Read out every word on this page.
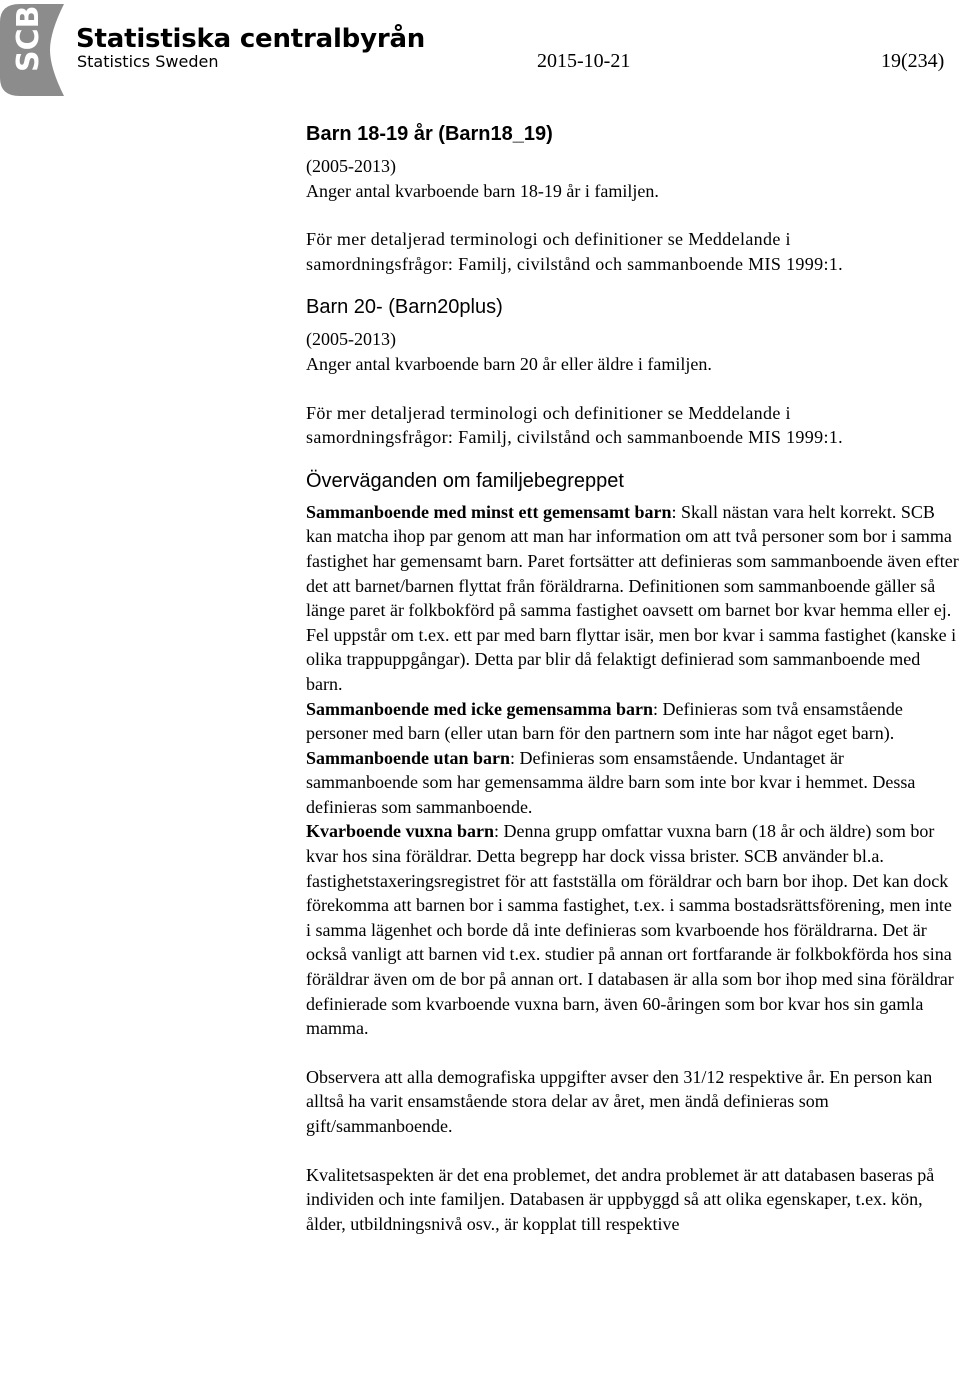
SCB Statistiska centralbyrån
Statistics Sweden	2015-10-21	19(234)
Barn 18-19 år (Barn18_19)

(2005-2013)

Anger antal kvarboende barn 18-19 år i familjen.

För mer detaljerad terminologi och definitioner se Meddelande i

samordningsfrågor: Familj, civilstånd och sammanboende MIS 1999:1.

Barn 20- (Barn20plus)

(2005-2013)

Anger antal kvarboende barn 20 år eller äldre i familjen.

För mer detaljerad terminologi och definitioner se Meddelande i

samordningsfrågor: Familj, civilstånd och sammanboende MIS 1999:1.

Överväganden om familjebegreppet

Sammanboende med minst ett gemensamt barn: Skall nästan vara helt korrekt. SCB kan matcha ihop par genom att man har information om att två personer som bor i samma fastighet har gemensamt barn. Paret fortsätter att definieras som sammanboende även efter det att barnet/barnen flyttat från föräldrarna. Definitionen som sammanboende gäller så länge paret är folkbokförd på samma fastighet oavsett om barnet bor kvar hemma eller ej. Fel uppstår om t.ex. ett par med barn flyttar isär, men bor kvar i samma fastighet (kanske i olika trappuppgångar). Detta par blir då felaktigt definierad som sammanboende med barn.

Sammanboende med icke gemensamma barn: Definieras som två ensamstående personer med barn (eller utan barn för den partnern som inte har något eget barn).

Sammanboende utan barn: Definieras som ensamstående. Undantaget är sammanboende som har gemensamma äldre barn som inte bor kvar i hemmet. Dessa definieras som sammanboende.

Kvarboende vuxna barn: Denna grupp omfattar vuxna barn (18 år och äldre) som bor kvar hos sina föräldrar. Detta begrepp har dock vissa brister. SCB använder bl.a. fastighetstaxeringsregistret för att fastställa om föräldrar och barn bor ihop. Det kan dock förekomma att barnen bor i samma fastighet, t.ex. i samma bostadsrättsförening, men inte i samma lägenhet och borde då inte definieras som kvarboende hos föräldrarna. Det är också vanligt att barnen vid t.ex. studier på annan ort fortfarande är folkbokförda hos sina föräldrar även om de bor på annan ort. I databasen är alla som bor ihop med sina föräldrar definierade som kvarboende vuxna barn, även 60-åringen som bor kvar hos sin gamla mamma.

Observera att alla demografiska uppgifter avser den 31/12 respektive år. En person kan alltså ha varit ensamstående stora delar av året, men ändå definieras som gift/sammanboende.

Kvalitetsaspekten är det ena problemet, det andra problemet är att databasen baseras på individen och inte familjen. Databasen är uppbyggd så att olika egenskaper, t.ex. kön, ålder, utbildningsnivå osv., är kopplat till respektive
